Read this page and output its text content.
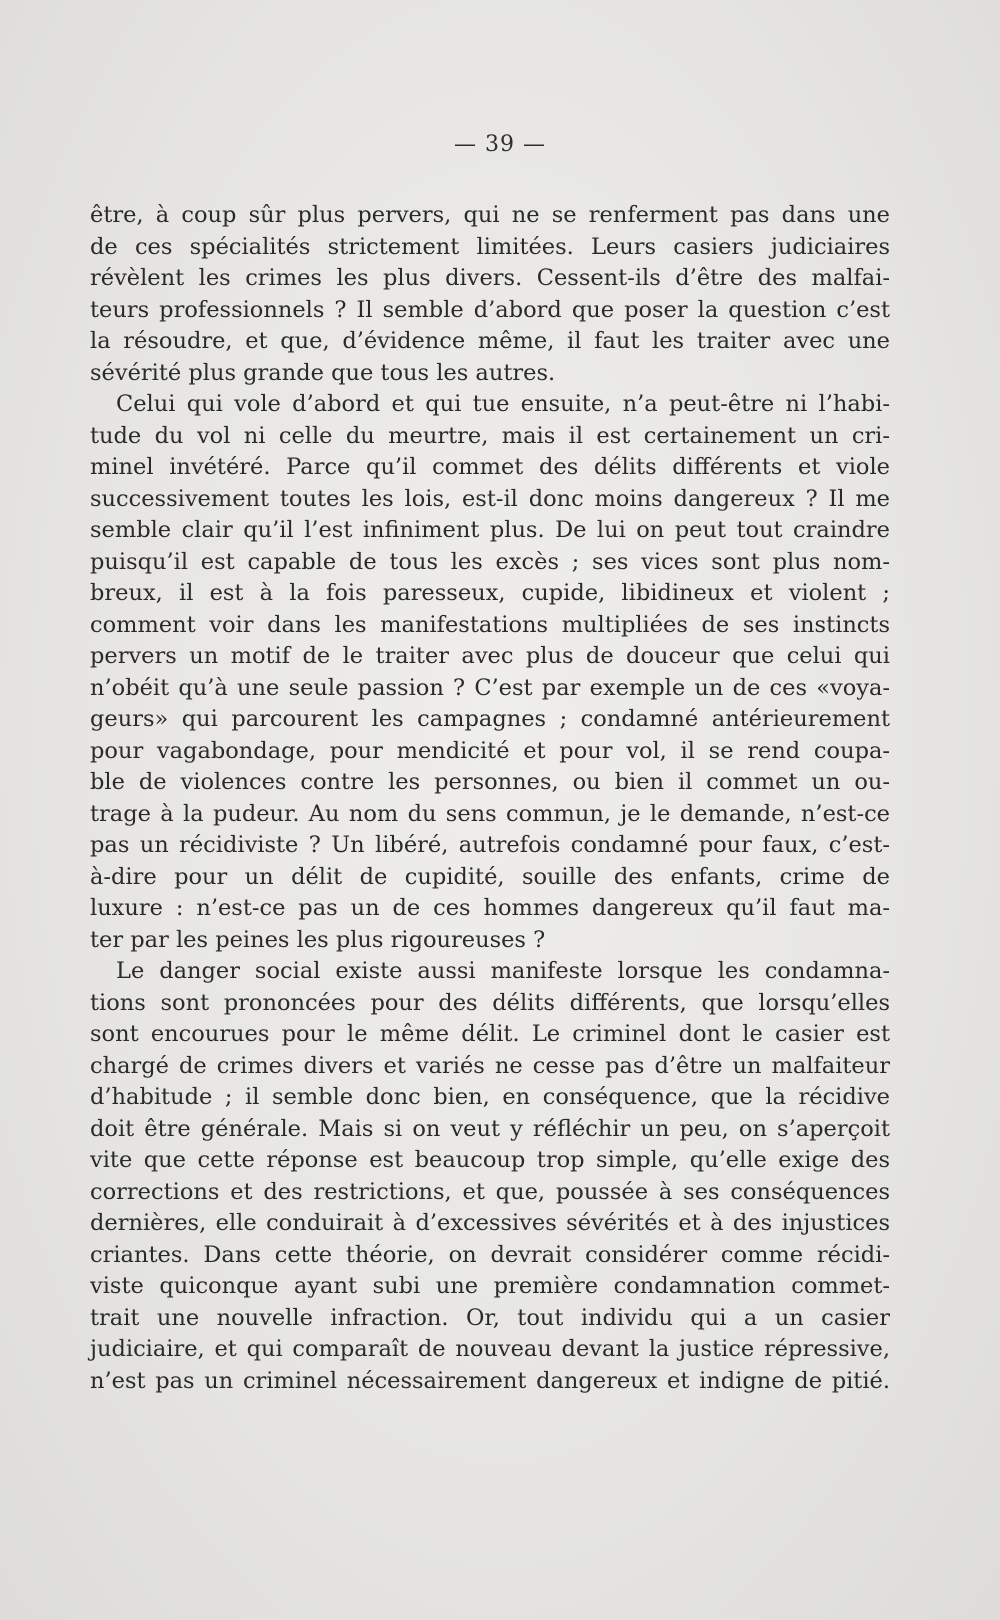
— 39 —
être, à coup sûr plus pervers, qui ne se renferment pas dans une
de ces spécialités strictement limitées. Leurs casiers judiciaires
révèlent les crimes les plus divers. Cessent-ils d’être des malfai-
teurs professionnels ? Il semble d’abord que poser la question c’est
la résoudre, et que, d’évidence même, il faut les traiter avec une
sévérité plus grande que tous les autres.
Celui qui vole d’abord et qui tue ensuite, n’a peut-être ni l’habi-
tude du vol ni celle du meurtre, mais il est certainement un cri-
minel invétéré. Parce qu’il commet des délits différents et viole
successivement toutes les lois, est-il donc moins dangereux ? Il me
semble clair qu’il l’est infiniment plus. De lui on peut tout craindre
puisqu’il est capable de tous les excès ; ses vices sont plus nom-
breux, il est à la fois paresseux, cupide, libidineux et violent ;
comment voir dans les manifestations multipliées de ses instincts
pervers un motif de le traiter avec plus de douceur que celui qui
n’obéit qu’à une seule passion ? C’est par exemple un de ces «voya-
geurs» qui parcourent les campagnes ; condamné antérieurement
pour vagabondage, pour mendicité et pour vol, il se rend coupa-
ble de violences contre les personnes, ou bien il commet un ou-
trage à la pudeur. Au nom du sens commun, je le demande, n’est-ce
pas un récidiviste ? Un libéré, autrefois condamné pour faux, c’est-
à-dire pour un délit de cupidité, souille des enfants, crime de
luxure : n’est-ce pas un de ces hommes dangereux qu’il faut ma-
ter par les peines les plus rigoureuses ?
Le danger social existe aussi manifeste lorsque les condamna-
tions sont prononcées pour des délits différents, que lorsqu’elles
sont encourues pour le même délit. Le criminel dont le casier est
chargé de crimes divers et variés ne cesse pas d’être un malfaiteur
d’habitude ; il semble donc bien, en conséquence, que la récidive
doit être générale. Mais si on veut y réfléchir un peu, on s’aperçoit
vite que cette réponse est beaucoup trop simple, qu’elle exige des
corrections et des restrictions, et que, poussée à ses conséquences
dernières, elle conduirait à d’excessives sévérités et à des injustices
criantes. Dans cette théorie, on devrait considérer comme récidi-
viste quiconque ayant subi une première condamnation commet-
trait une nouvelle infraction. Or, tout individu qui a un casier
judiciaire, et qui comparaît de nouveau devant la justice répressive,
n’est pas un criminel nécessairement dangereux et indigne de pitié.
